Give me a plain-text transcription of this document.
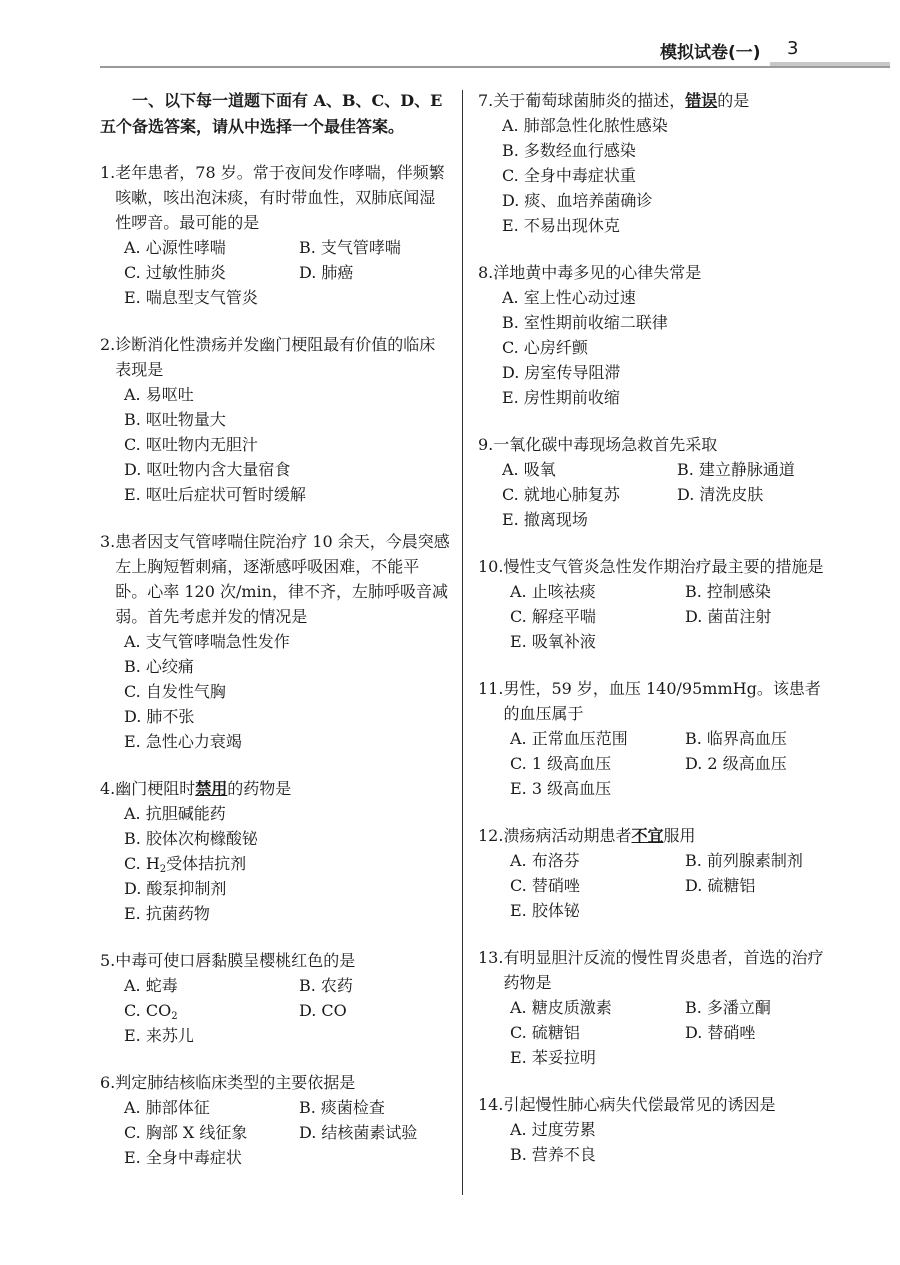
模拟试卷(一) 3
一、以下每一道题下面有 A、B、C、D、E 五个备选答案，请从中选择一个最佳答案。
1. 老年患者，78 岁。常于夜间发作哮喘，伴频繁咳嗽，咳出泡沫痰，有时带血性，双肺底闻湿性啰音。最可能的是
A. 心源性哮喘	B. 支气管哮喘
C. 过敏性肺炎	D. 肺癌
E. 喘息型支气管炎
2. 诊断消化性溃疡并发幽门梗阻最有价值的临床表现是
A. 易呕吐
B. 呕吐物量大
C. 呕吐物内无胆汁
D. 呕吐物内含大量宿食
E. 呕吐后症状可暂时缓解
3. 患者因支气管哮喘住院治疗 10 余天，今晨突感左上胸短暂刺痛，逐渐感呼吸困难，不能平卧。心率 120 次/min，律不齐，左肺呼吸音减弱。首先考虑并发的情况是
A. 支气管哮喘急性发作
B. 心绞痛
C. 自发性气胸
D. 肺不张
E. 急性心力衰竭
4. 幽门梗阻时禁用的药物是
A. 抗胆碱能药
B. 胶体次枸橼酸铋
C. $H_2$受体拮抗剂
D. 酸泵抑制剂
E. 抗菌药物
5. 中毒可使口唇黏膜呈樱桃红色的是
A. 蛇毒	B. 农药
C. $CO_2$	D. CO
E. 来苏儿
6. 判定肺结核临床类型的主要依据是
A. 肺部体征	B. 痰菌检查
C. 胸部 X 线征象	D. 结核菌素试验
E. 全身中毒症状
7. 关于葡萄球菌肺炎的描述，错误的是
A. 肺部急性化脓性感染
B. 多数经血行感染
C. 全身中毒症状重
D. 痰、血培养菌确诊
E. 不易出现休克
8. 洋地黄中毒多见的心律失常是
A. 室上性心动过速
B. 室性期前收缩二联律
C. 心房纤颤
D. 房室传导阻滞
E. 房性期前收缩
9. 一氧化碳中毒现场急救首先采取
A. 吸氧	B. 建立静脉通道
C. 就地心肺复苏	D. 清洗皮肤
E. 撤离现场
10. 慢性支气管炎急性发作期治疗最主要的措施是
A. 止咳祛痰	B. 控制感染
C. 解痉平喘	D. 菌苗注射
E. 吸氧补液
11. 男性，59 岁，血压 140/95mmHg。该患者的血压属于
A. 正常血压范围	B. 临界高血压
C. 1 级高血压	D. 2 级高血压
E. 3 级高血压
12. 溃疡病活动期患者不宜服用
A. 布洛芬	B. 前列腺素制剂
C. 替硝唑	D. 硫糖铝
E. 胶体铋
13. 有明显胆汁反流的慢性胃炎患者，首选的治疗药物是
A. 糖皮质激素	B. 多潘立酮
C. 硫糖铝	D. 替硝唑
E. 苯妥拉明
14. 引起慢性肺心病失代偿最常见的诱因是
A. 过度劳累
B. 营养不良
